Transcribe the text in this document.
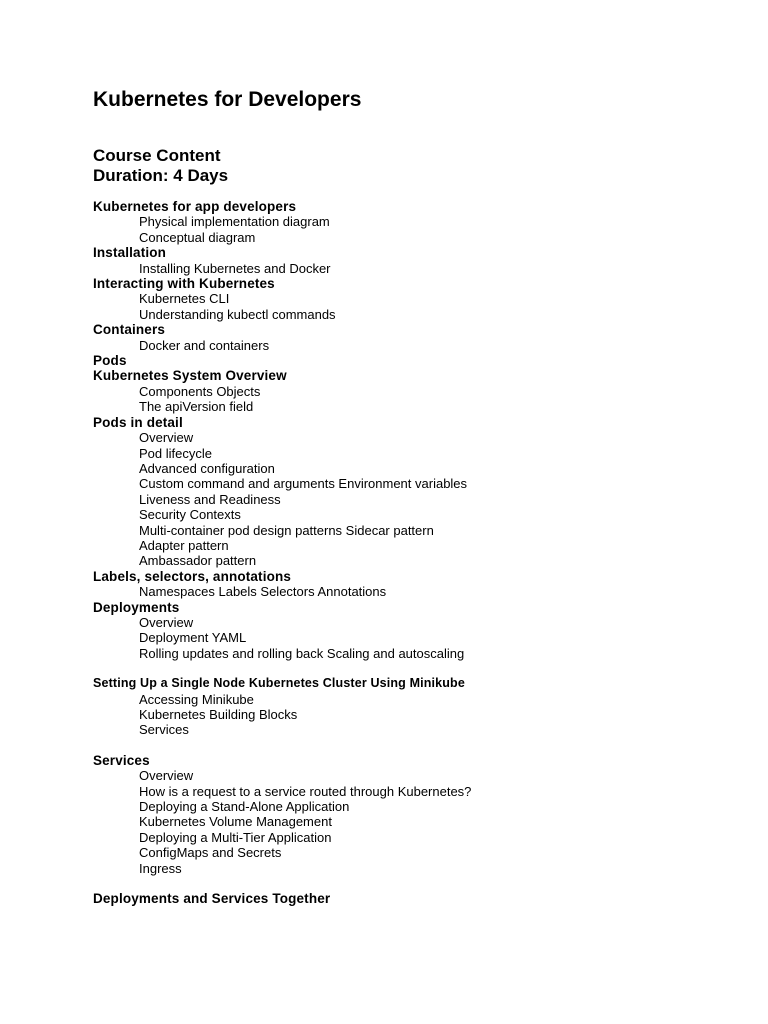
Kubernetes for Developers
Course Content
Duration: 4 Days
Kubernetes for app developers
Physical implementation diagram
Conceptual diagram
Installation
Installing Kubernetes and Docker
Interacting with Kubernetes
Kubernetes CLI
Understanding kubectl commands
Containers
Docker and containers
Pods
Kubernetes System Overview
Components Objects
The apiVersion field
Pods in detail
Overview
Pod lifecycle
Advanced configuration
Custom command and arguments Environment variables
Liveness and Readiness
Security Contexts
Multi-container pod design patterns Sidecar pattern
Adapter pattern
Ambassador pattern
Labels, selectors, annotations
Namespaces Labels Selectors Annotations
Deployments
Overview
Deployment YAML
Rolling updates and rolling back Scaling and autoscaling
Setting Up a Single Node Kubernetes Cluster Using Minikube
Accessing Minikube
Kubernetes Building Blocks
Services
Services
Overview
How is a request to a service routed through Kubernetes?
Deploying a Stand-Alone Application
Kubernetes Volume Management
Deploying a Multi-Tier Application
ConfigMaps and Secrets
Ingress
Deployments and Services Together
